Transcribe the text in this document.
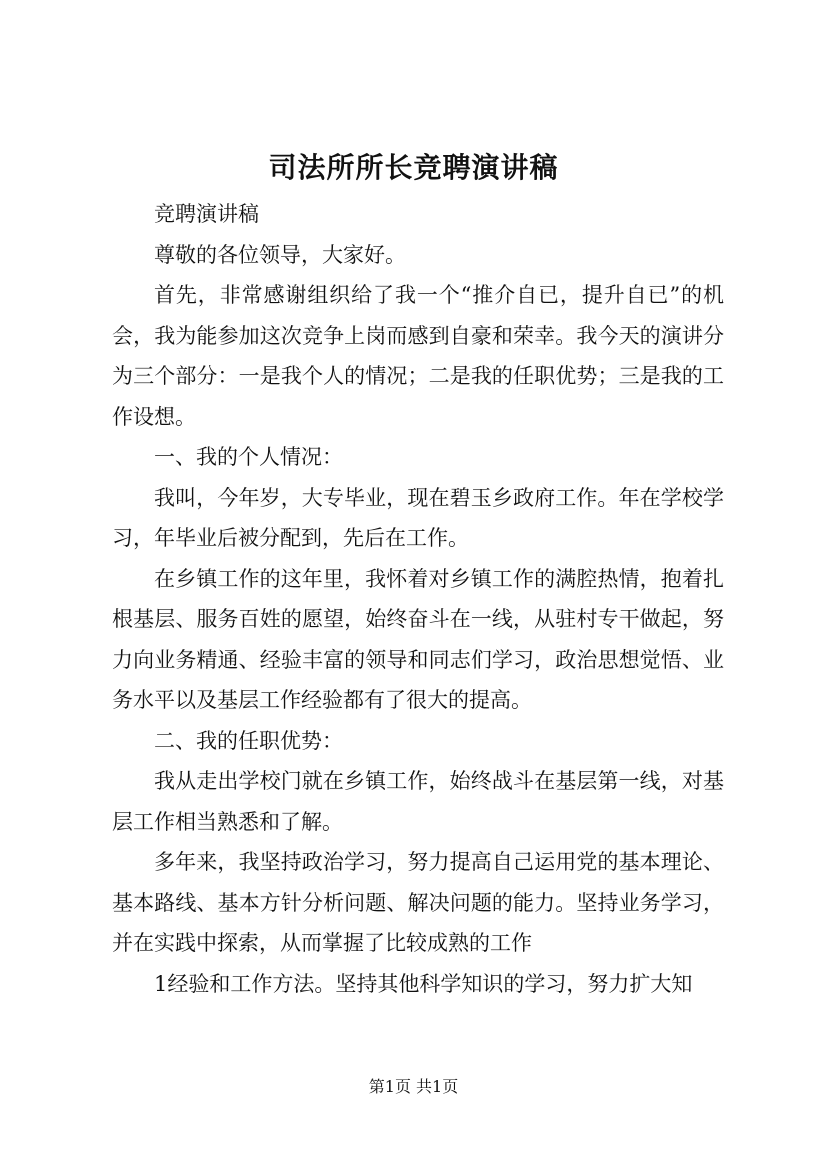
司法所所长竞聘演讲稿

竞聘演讲稿

尊敬的各位领导，大家好。

首先，非常感谢组织给了我一个“推介自已，提升自已”的机会，我为能参加这次竞争上岗而感到自豪和荣幸。我今天的演讲分为三个部分：一是我个人的情况；二是我的任职优势；三是我的工作设想。

一、我的个人情况：

我叫，今年岁，大专毕业，现在碧玉乡政府工作。年在学校学习，年毕业后被分配到，先后在工作。

在乡镇工作的这年里，我怀着对乡镇工作的满腔热情，抱着扎根基层、服务百姓的愿望，始终奋斗在一线，从驻村专干做起，努力向业务精通、经验丰富的领导和同志们学习，政治思想觉悟、业务水平以及基层工作经验都有了很大的提高。

二、我的任职优势：

我从走出学校门就在乡镇工作，始终战斗在基层第一线，对基层工作相当熟悉和了解。

多年来，我坚持政治学习，努力提高自己运用党的基本理论、基本路线、基本方针分析问题、解决问题的能力。坚持业务学习，并在实践中探索，从而掌握了比较成熟的工作

1经验和工作方法。坚持其他科学知识的学习，努力扩大知

第1页 共1页
